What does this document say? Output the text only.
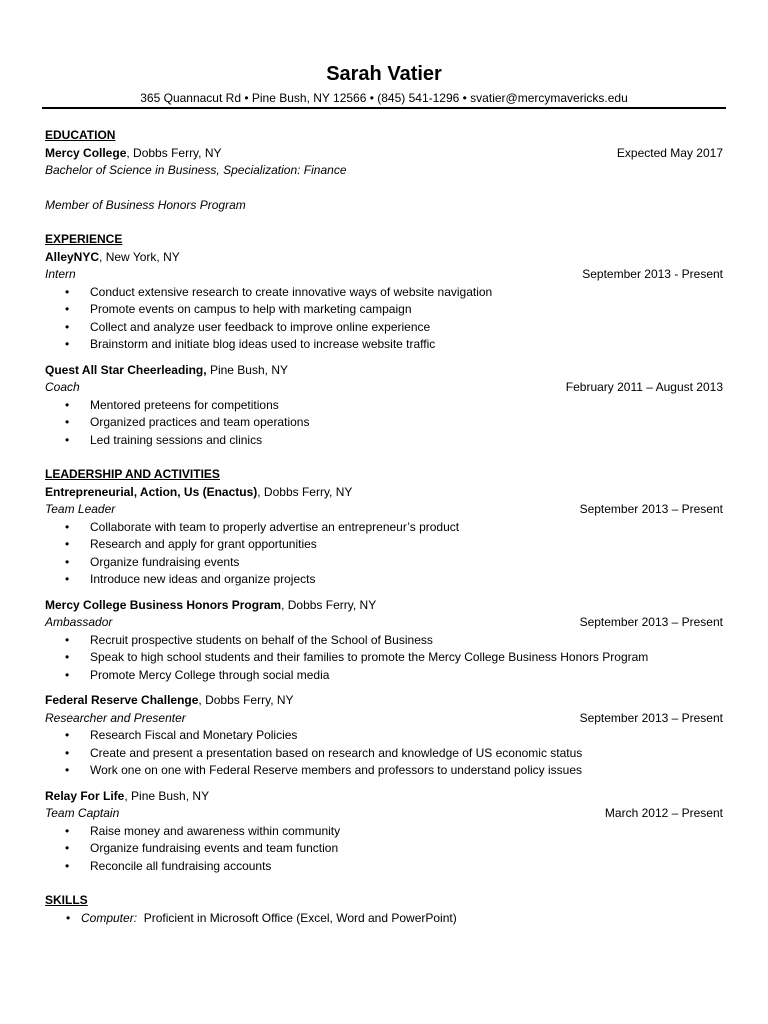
Sarah Vatier
365 Quannacut Rd • Pine Bush, NY 12566 • (845) 541-1296 • svatier@mercymavericks.edu
EDUCATION
Mercy College, Dobbs Ferry, NY	Expected May 2017
Bachelor of Science in Business, Specialization: Finance
Member of Business Honors Program
EXPERIENCE
AlleyNYC, New York, NY
Intern	September 2013 - Present
• Conduct extensive research to create innovative ways of website navigation
• Promote events on campus to help with marketing campaign
• Collect and analyze user feedback to improve online experience
• Brainstorm and initiate blog ideas used to increase website traffic
Quest All Star Cheerleading, Pine Bush, NY
Coach	February 2011 – August 2013
• Mentored preteens for competitions
• Organized practices and team operations
• Led training sessions and clinics
LEADERSHIP AND ACTIVITIES
Entrepreneurial, Action, Us (Enactus), Dobbs Ferry, NY
Team Leader	September 2013 – Present
• Collaborate with team to properly advertise an entrepreneur’s product
• Research and apply for grant opportunities
• Organize fundraising events
• Introduce new ideas and organize projects
Mercy College Business Honors Program, Dobbs Ferry, NY
Ambassador	September 2013 – Present
• Recruit prospective students on behalf of the School of Business
• Speak to high school students and their families to promote the Mercy College Business Honors Program
• Promote Mercy College through social media
Federal Reserve Challenge, Dobbs Ferry, NY
Researcher and Presenter	September 2013 – Present
• Research Fiscal and Monetary Policies
• Create and present a presentation based on research and knowledge of US economic status
• Work one on one with Federal Reserve members and professors to understand policy issues
Relay For Life, Pine Bush, NY
Team Captain	March 2012 – Present
• Raise money and awareness within community
• Organize fundraising events and team function
• Reconcile all fundraising accounts
SKILLS
• Computer: Proficient in Microsoft Office (Excel, Word and PowerPoint)
